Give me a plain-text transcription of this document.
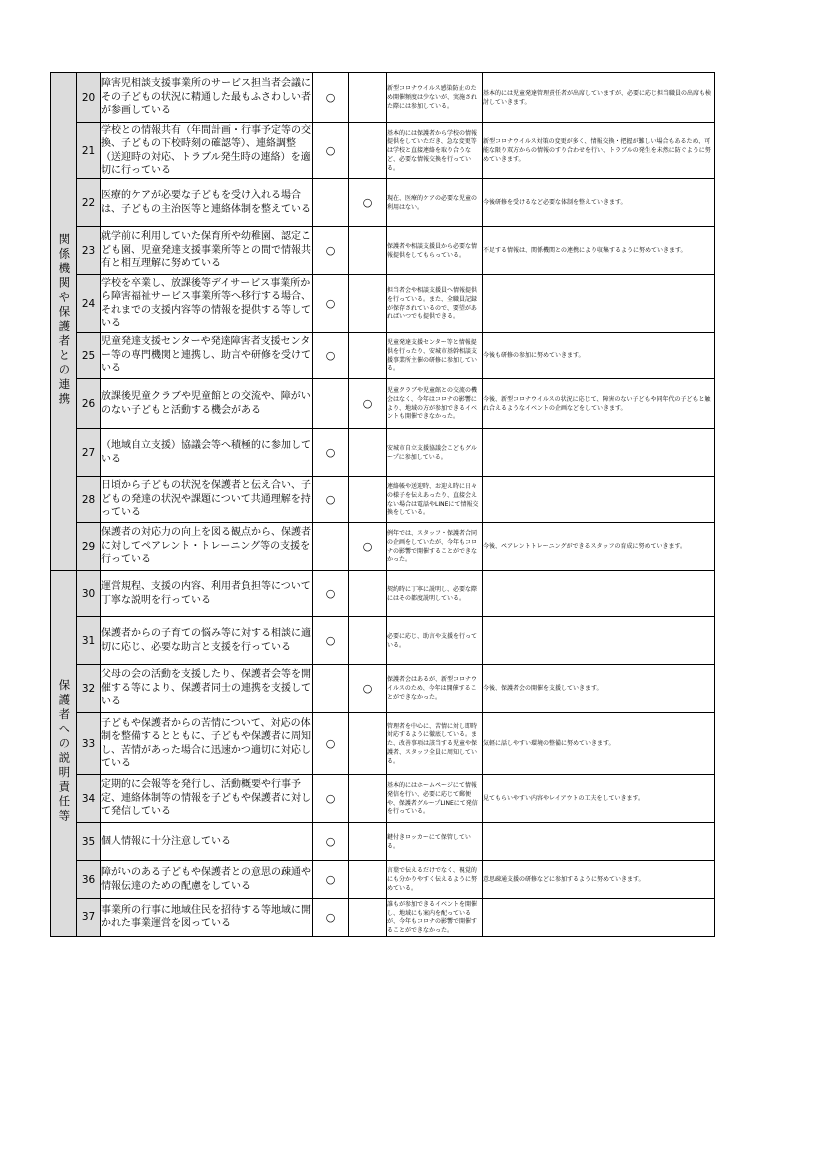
関係機関や保護者との連携	20	障害児相談支援事業所のサービス担当者会議にその子どもの状況に精通した最もふさわしい者が参画している	○		新型コロナウイルス感染防止のため開催頻度は少ないが、実施された際には参加している。	基本的には児童発達管理責任者が出席していますが、必要に応じ担当職員の出席も検討していきます。

	21	学校との情報共有（年間計画・行事予定等の交換、子どもの下校時刻の確認等）、連絡調整（送迎時の対応、トラブル発生時の連絡）を適切に行っている	○		基本的には保護者から学校の情報提供をしていただき、急な変更等は学校と直接連絡を取り合うなど、必要な情報交換を行っている。	新型コロナウイルス対策の変更が多く、情報交換・把握が難しい場合もあるため、可能な限り双方からの情報のすり合わせを行い、トラブルの発生を未然に防ぐように努めていきます。

	22	医療的ケアが必要な子どもを受け入れる場合は、子どもの主治医等と連絡体制を整えている		○	現在、医療的ケアの必要な児童の利用はない。	今後研修を受けるなど必要な体制を整えていきます。

	23	就学前に利用していた保育所や幼稚園、認定こども園、児童発達支援事業所等との間で情報共有と相互理解に努めている	○		保護者や相談支援員から必要な情報提供をしてもらっている。	不足する情報は、関係機関との連携により収集するように努めていきます。

	24	学校を卒業し、放課後等デイサービス事業所から障害福祉サービス事業所等へ移行する場合、それまでの支援内容等の情報を提供する等している	○		担当者会や相談支援員へ情報提供を行っている。また、全職員記録が保存されているので、要望があればいつでも提供できる。	

	25	児童発達支援センターや発達障害者支援センター等の専門機関と連携し、助言や研修を受けている	○		児童発達支援センター等と情報提供を行ったり、安城市基幹相談支援事業所主催の研修に参加している。	今後も研修の参加に努めていきます。

	26	放課後児童クラブや児童館との交流や、障がいのない子どもと活動する機会がある		○	児童クラブや児童館との交流の機会はなく、今年はコロナの影響により、地域の方が参加できるイベントも開催できなかった。	今後、新型コロナウイルスの状況に応じて、障害のない子どもや同年代の子どもと触れ合えるようなイベントの企画などをしていきます。

	27	（地域自立支援）協議会等へ積極的に参加している	○		安城市自立支援協議会こどもグループに参加している。	

	28	日頃から子どもの状況を保護者と伝え合い、子どもの発達の状況や課題について共通理解を持っている	○		連絡帳や送迎時、お迎え時に日々の様子を伝えあったり、直接会えない場合は電話やLINEにて情報交換をしている。	

	29	保護者の対応力の向上を図る観点から、保護者に対してペアレント・トレーニング等の支援を行っている		○	例年では、スタッフ・保護者合同の企画をしていたが、今年もコロナの影響で開催することができなかった。	今後、ペアレントトレーニングができるスタッフの育成に努めていきます。

保護者への説明責任等	30	運営規程、支援の内容、利用者負担等について丁寧な説明を行っている	○		契約時に丁寧に説明し、必要な際にはその都度説明している。	

	31	保護者からの子育ての悩み等に対する相談に適切に応じ、必要な助言と支援を行っている	○		必要に応じ、助言や支援を行っている。	

	32	父母の会の活動を支援したり、保護者会等を開催する等により、保護者同士の連携を支援している		○	保護者会はあるが、新型コロナウイルスのため、今年は開催することができなかった。	今後、保護者会の開催を支援していきます。

	33	子どもや保護者からの苦情について、対応の体制を整備するとともに、子どもや保護者に周知し、苦情があった場合に迅速かつ適切に対応している	○		管理者を中心に、苦情に対し即時対応するように徹底している。また、改善事項は該当する児童や保護者、スタッフ全員に周知している。	気軽に話しやすい環境の整備に努めていきます。

	34	定期的に会報等を発行し、活動概要や行事予定、連絡体制等の情報を子どもや保護者に対して発信している	○		基本的にはホームページにて情報発信を行い、必要に応じて郵便や、保護者グループLINEにて発信を行っている。	見てもらいやすい内容やレイアウトの工夫をしていきます。

	35	個人情報に十分注意している	○		鍵付きロッカーにて保管している。	

	36	障がいのある子どもや保護者との意思の疎通や情報伝達のための配慮をしている	○		言葉で伝えるだけでなく、視覚的にも分かりやすく伝えるように努めている。	意思疎通支援の研修などに参加するように努めていきます。

	37	事業所の行事に地域住民を招待する等地域に開かれた事業運営を図っている	○		誰もが参加できるイベントを開催し、地域にも案内を配っているが、今年もコロナの影響で開催することができなかった。	
